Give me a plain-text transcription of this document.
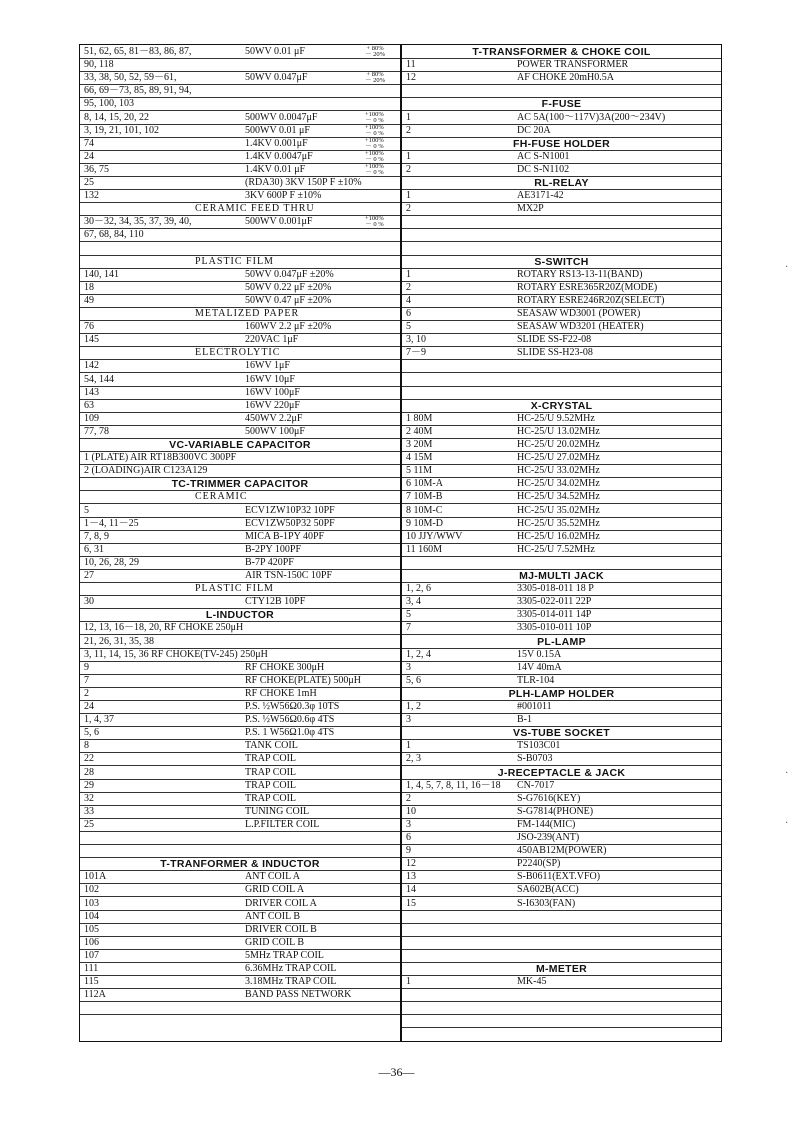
—36—
·
·
·
51, 62, 65, 81－83, 86, 87,	50WV 0.01 μF	+ 80%
－ 20%
90, 118
33, 38, 50, 52, 59－61,	50WV 0.047μF	+ 80%
－ 20%
66, 69－73, 85, 89, 91, 94,
95, 100, 103
8, 14, 15, 20, 22	500WV 0.0047μF	+100%
－ 0 %
3, 19, 21, 101, 102	500WV 0.01 μF	+100%
－ 0 %
74	1.4KV 0.001μF	+100%
－ 0 %
24	1.4KV 0.0047μF	+100%
－ 0 %
36, 75	1.4KV 0.01 μF	+100%
－ 0 %
25	(RDA30) 3KV 150P F ±10%
132	3KV 600P F ±10%
CERAMIC FEED THRU
30－32, 34, 35, 37, 39, 40,	500WV 0.001μF	+100%
－ 0 %
67, 68, 84, 110
PLASTIC FILM
140, 141	50WV 0.047μF ±20%
18	50WV 0.22 μF ±20%
49	50WV 0.47 μF ±20%
METALIZED PAPER
76	160WV 2.2 μF ±20%
145	220VAC 1μF
ELECTROLYTIC
142	16WV 1μF
54, 144	16WV 10μF
143	16WV 100μF
63	16WV 220μF
109	450WV 2.2μF
77, 78	500WV 100μF
VC-VARIABLE CAPACITOR
1 (PLATE) AIR RT18B300VC 300PF
2 (LOADING)AIR C123A129
TC-TRIMMER CAPACITOR
CERAMIC
5	ECV1ZW10P32 10PF
1－4, 11－25	ECV1ZW50P32 50PF
7, 8, 9	MICA B-1PY 40PF
6, 31	B-2PY 100PF
10, 26, 28, 29	B-7P 420PF
27	AIR TSN-150C 10PF
PLASTIC FILM
30	CTY12B 10PF
L-INDUCTOR
12, 13, 16－18, 20, RF CHOKE 250μH
21, 26, 31, 35, 38
3, 11, 14, 15, 36 RF CHOKE(TV-245) 250μH
9	RF CHOKE 300μH
7	RF CHOKE(PLATE) 500μH
2	RF CHOKE 1mH
24	P.S. ½W56Ω0.3φ 10TS
1, 4, 37	P.S. ½W56Ω0.6φ 4TS
5, 6	P.S. 1 W56Ω1.0φ 4TS
8	TANK COIL
22	TRAP COIL
28	TRAP COIL
29	TRAP COIL
32	TRAP COIL
33	TUNING COIL
25	L.P.FILTER COIL
T-TRANFORMER & INDUCTOR
101A	ANT COIL A
102	GRID COIL A
103	DRIVER COIL A
104	ANT COIL B
105	DRIVER COIL B
106	GRID COIL B
107	5MHz TRAP COIL
111	6.36MHz TRAP COIL
115	3.18MHz TRAP COIL
112A	BAND PASS NETWORK
T-TRANSFORMER & CHOKE COIL
11	POWER TRANSFORMER
12	AF CHOKE 20mH0.5A
F-FUSE
1	AC 5A(100～117V)3A(200～234V)
2	DC 20A
FH-FUSE HOLDER
1	AC S-N1001
2	DC S-N1102
RL-RELAY
1	AE3171-42
2	MX2P
S-SWITCH
1	ROTARY RS13-13-11(BAND)
2	ROTARY ESRE365R20Z(MODE)
4	ROTARY ESRE246R20Z(SELECT)
6	SEASAW WD3001 (POWER)
5	SEASAW WD3201 (HEATER)
3, 10	SLIDE SS-F22-08
7－9	SLIDE SS-H23-08
X-CRYSTAL
1 80M	HC-25/U 9.52MHz
2 40M	HC-25/U 13.02MHz
3 20M	HC-25/U 20.02MHz
4 15M	HC-25/U 27.02MHz
5 11M	HC-25/U 33.02MHz
6 10M-A	HC-25/U 34.02MHz
7 10M-B	HC-25/U 34.52MHz
8 10M-C	HC-25/U 35.02MHz
9 10M-D	HC-25/U 35.52MHz
10 JJY/WWV	HC-25/U 16.02MHz
11 160M	HC-25/U 7.52MHz
MJ-MULTI JACK
1, 2, 6	3305-018-011 18 P
3, 4	3305-022-011 22P
5	3305-014-011 14P
7	3305-010-011 10P
PL-LAMP
1, 2, 4	15V 0.15A
3	14V 40mA
5, 6	TLR-104
PLH-LAMP HOLDER
1, 2	#001011
3	B-1
VS-TUBE SOCKET
1	TS103C01
2, 3	S-B0703
J-RECEPTACLE & JACK
1, 4, 5, 7, 8, 11, 16－18 CN-7017
2	S-G7616(KEY)
10	S-G7814(PHONE)
3	FM-144(MIC)
6	JSO-239(ANT)
9	450AB12M(POWER)
12	P2240(SP)
13	S-B0611(EXT.VFO)
14	SA602B(ACC)
15	S-I6303(FAN)
M-METER
1	MK-45
